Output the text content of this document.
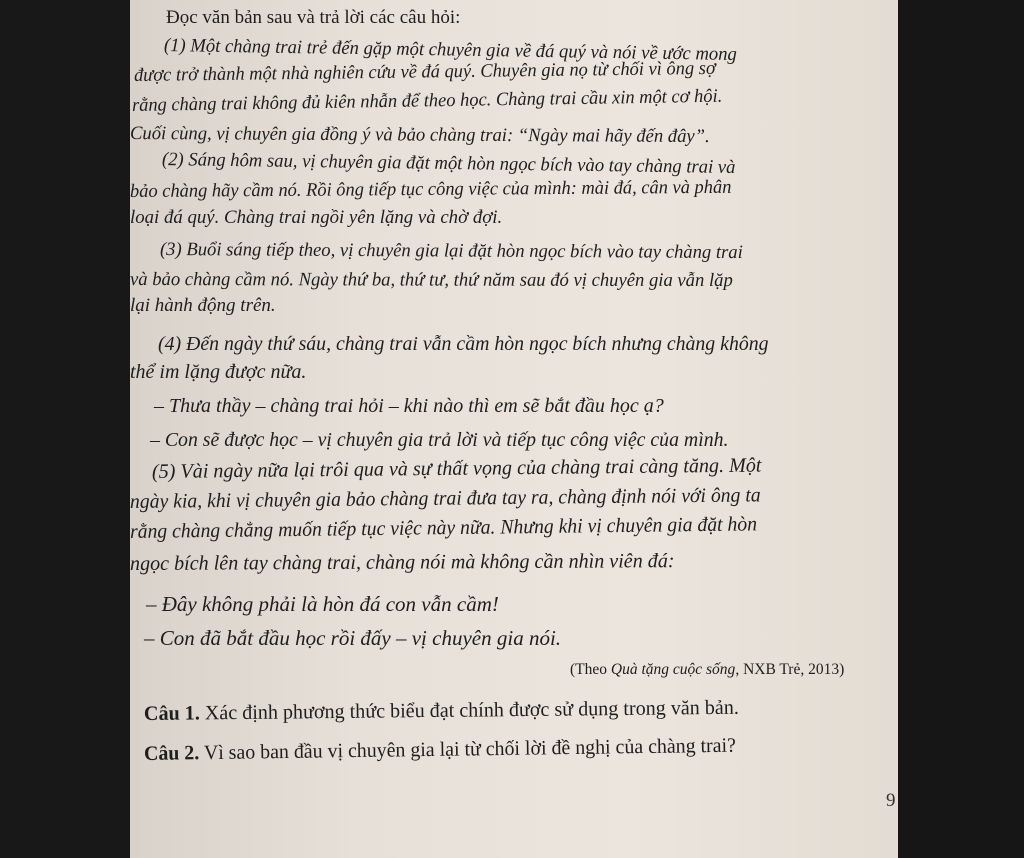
Đọc văn bản sau và trả lời các câu hỏi:

(1) Một chàng trai trẻ đến gặp một chuyên gia về đá quý và nói về ước mong

được trở thành một nhà nghiên cứu về đá quý. Chuyên gia nọ từ chối vì ông sợ

rằng chàng trai không đủ kiên nhẫn để theo học. Chàng trai cầu xin một cơ hội.

Cuối cùng, vị chuyên gia đồng ý và bảo chàng trai: “Ngày mai hãy đến đây”.

(2) Sáng hôm sau, vị chuyên gia đặt một hòn ngọc bích vào tay chàng trai và

bảo chàng hãy cầm nó. Rồi ông tiếp tục công việc của mình: mài đá, cân và phân

loại đá quý. Chàng trai ngồi yên lặng và chờ đợi.

(3) Buổi sáng tiếp theo, vị chuyên gia lại đặt hòn ngọc bích vào tay chàng trai

và bảo chàng cầm nó. Ngày thứ ba, thứ tư, thứ năm sau đó vị chuyên gia vẫn lặp

lại hành động trên.

(4) Đến ngày thứ sáu, chàng trai vẫn cầm hòn ngọc bích nhưng chàng không

thể im lặng được nữa.

– Thưa thầy – chàng trai hỏi – khi nào thì em sẽ bắt đầu học ạ?

– Con sẽ được học – vị chuyên gia trả lời và tiếp tục công việc của mình.

(5) Vài ngày nữa lại trôi qua và sự thất vọng của chàng trai càng tăng. Một

ngày kia, khi vị chuyên gia bảo chàng trai đưa tay ra, chàng định nói với ông ta

rằng chàng chẳng muốn tiếp tục việc này nữa. Nhưng khi vị chuyên gia đặt hòn

ngọc bích lên tay chàng trai, chàng nói mà không cần nhìn viên đá:

– Đây không phải là hòn đá con vẫn cầm!

– Con đã bắt đầu học rồi đấy – vị chuyên gia nói.

(Theo Quà tặng cuộc sống, NXB Trẻ, 2013)

Câu 1. Xác định phương thức biểu đạt chính được sử dụng trong văn bản.

Câu 2. Vì sao ban đầu vị chuyên gia lại từ chối lời đề nghị của chàng trai?

9
